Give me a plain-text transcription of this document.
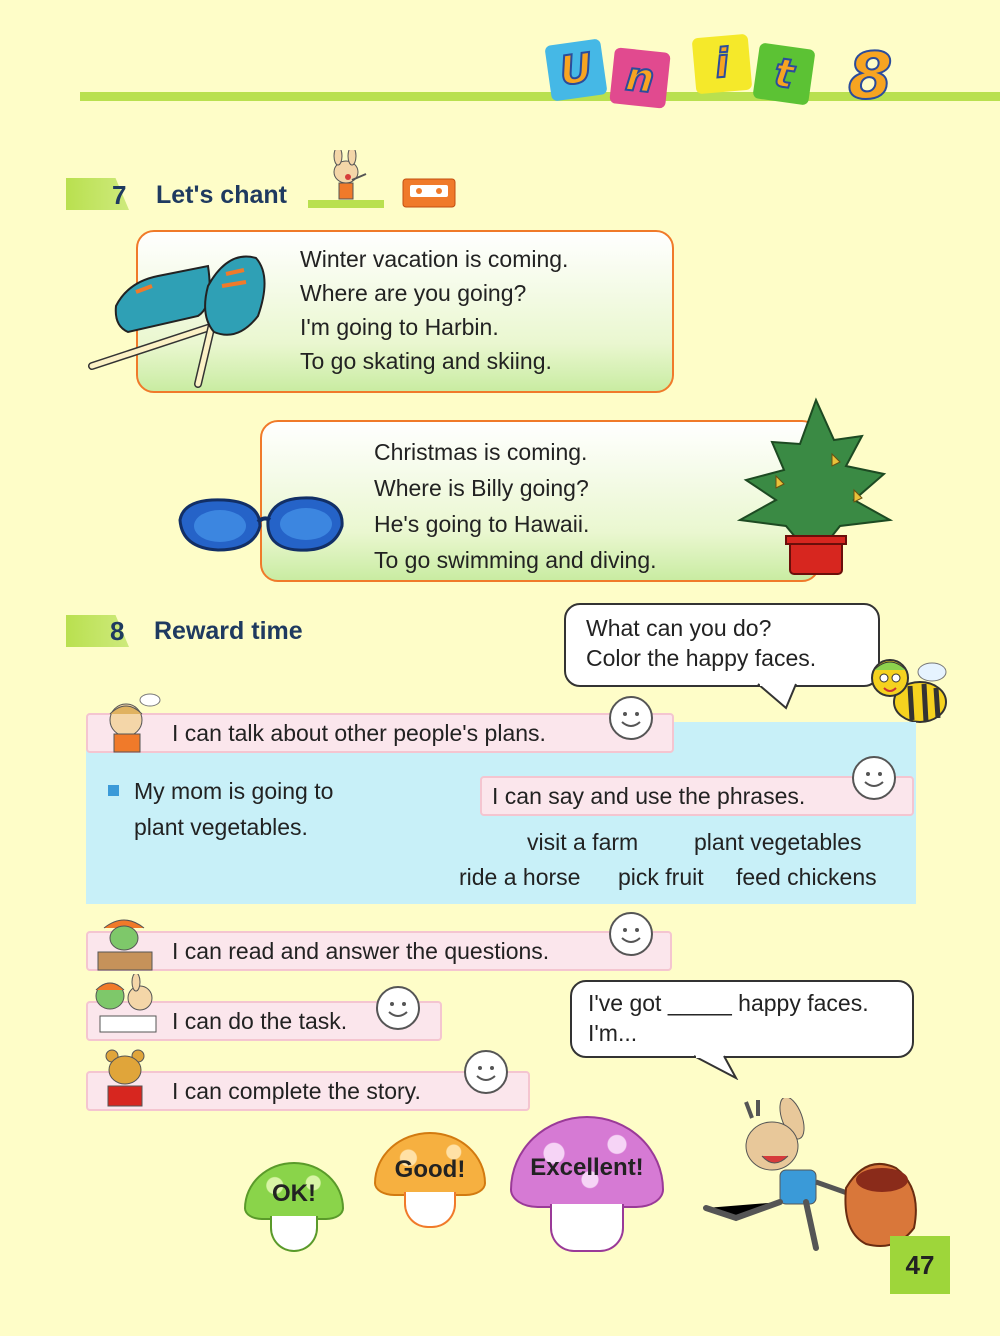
U n i t 8
7 Let's chant

Winter vacation is coming.

Where are you going?

I'm going to Harbin.

To go skating and skiing.

Christmas is coming.

Where is Billy going?

He's going to Hawaii.

To go swimming and diving.

8 Reward time	What can you do?
Color the happy faces.
I can talk about other people's plans.
My mom is going to
plant vegetables.
I can say and use the phrases.
visit a farm plant vegetables
ride a horse pick fruit feed chickens
I can read and answer the questions.
I can do the task.
I can complete the story.
I've got _____ happy faces.
I'm...
OK!
Good!	Excellent!
47
